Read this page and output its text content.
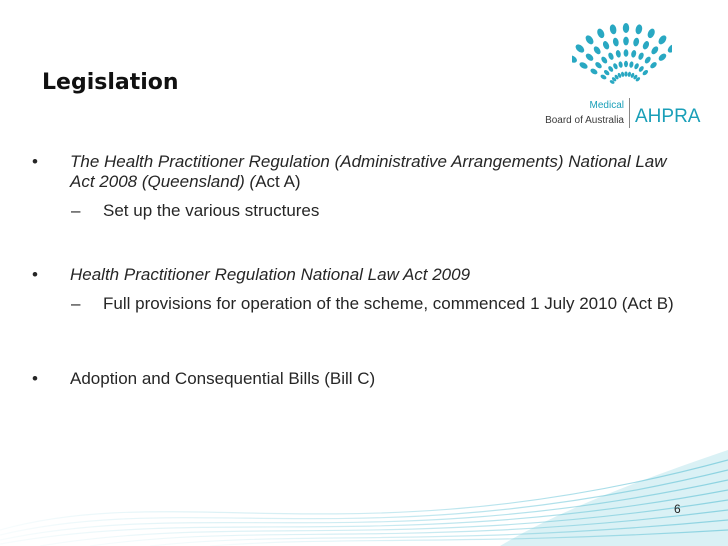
Legislation
Medical
Board of Australia AHPRA
• The Health Practitioner Regulation (Administrative Arrangements) National Law Act 2008 (Queensland) (Act A)
– Set up the various structures
• Health Practitioner Regulation National Law Act 2009
– Full provisions for operation of the scheme, commenced 1 July 2010 (Act B)
• Adoption and Consequential Bills (Bill C)
6
